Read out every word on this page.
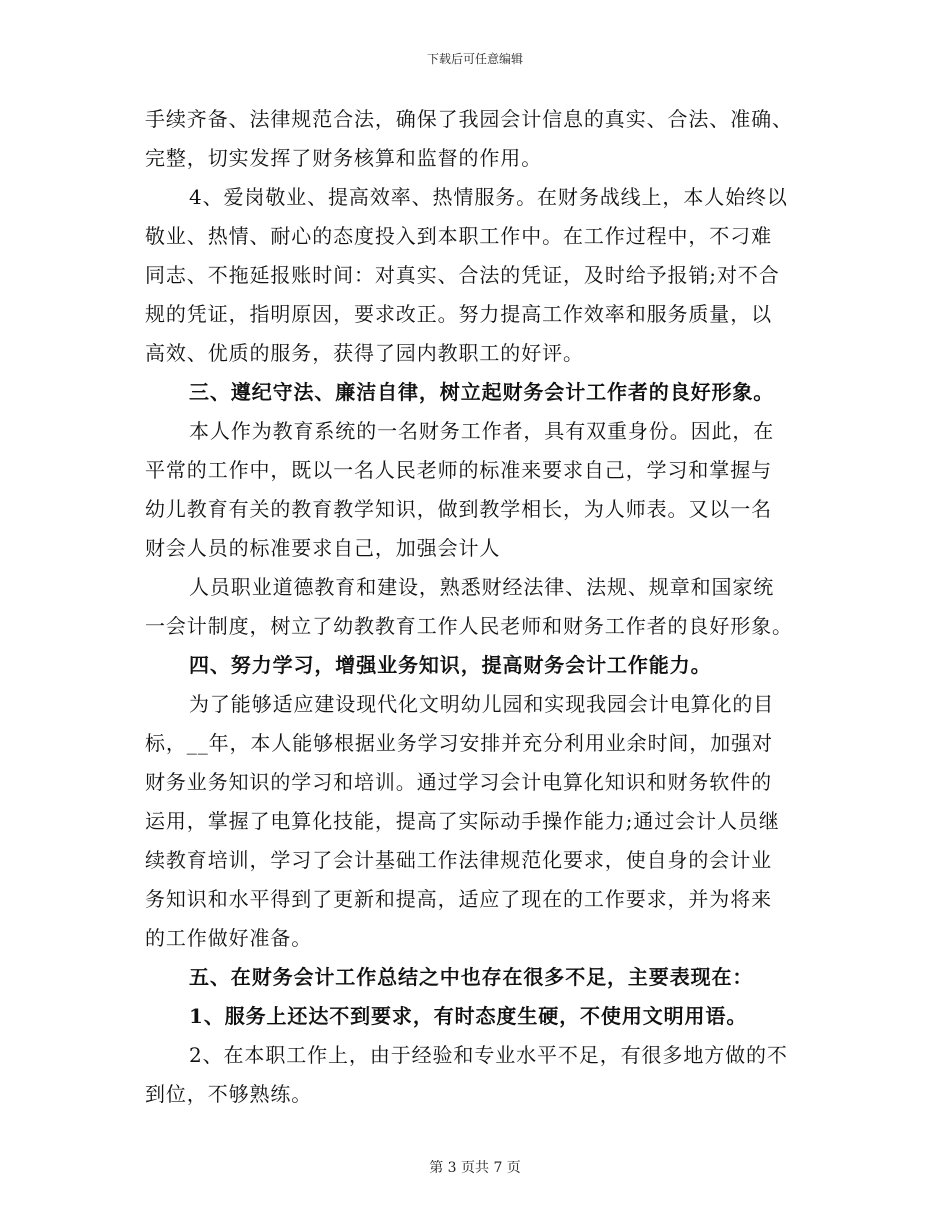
下载后可任意编辑
手续齐备、法律规范合法，确保了我园会计信息的真实、合法、准确、
完整，切实发挥了财务核算和监督的作用。
4、爱岗敬业、提高效率、热情服务。在财务战线上，本人始终以
敬业、热情、耐心的态度投入到本职工作中。在工作过程中，不刁难
同志、不拖延报账时间：对真实、合法的凭证，及时给予报销;对不合
规的凭证，指明原因，要求改正。努力提高工作效率和服务质量，以
高效、优质的服务，获得了园内教职工的好评。
三、遵纪守法、廉洁自律，树立起财务会计工作者的良好形象。
本人作为教育系统的一名财务工作者，具有双重身份。因此，在
平常的工作中，既以一名人民老师的标准来要求自己，学习和掌握与
幼儿教育有关的教育教学知识，做到教学相长，为人师表。又以一名
财会人员的标准要求自己，加强会计人
人员职业道德教育和建设，熟悉财经法律、法规、规章和国家统
一会计制度，树立了幼教教育工作人民老师和财务工作者的良好形象。
四、努力学习，增强业务知识，提高财务会计工作能力。
为了能够适应建设现代化文明幼儿园和实现我园会计电算化的目
标，__年，本人能够根据业务学习安排并充分利用业余时间，加强对
财务业务知识的学习和培训。通过学习会计电算化知识和财务软件的
运用，掌握了电算化技能，提高了实际动手操作能力;通过会计人员继
续教育培训，学习了会计基础工作法律规范化要求，使自身的会计业
务知识和水平得到了更新和提高，适应了现在的工作要求，并为将来
的工作做好准备。
五、在财务会计工作总结之中也存在很多不足，主要表现在：
1、服务上还达不到要求，有时态度生硬，不使用文明用语。
2、在本职工作上，由于经验和专业水平不足，有很多地方做的不
到位，不够熟练。
第 3 页共 7 页
